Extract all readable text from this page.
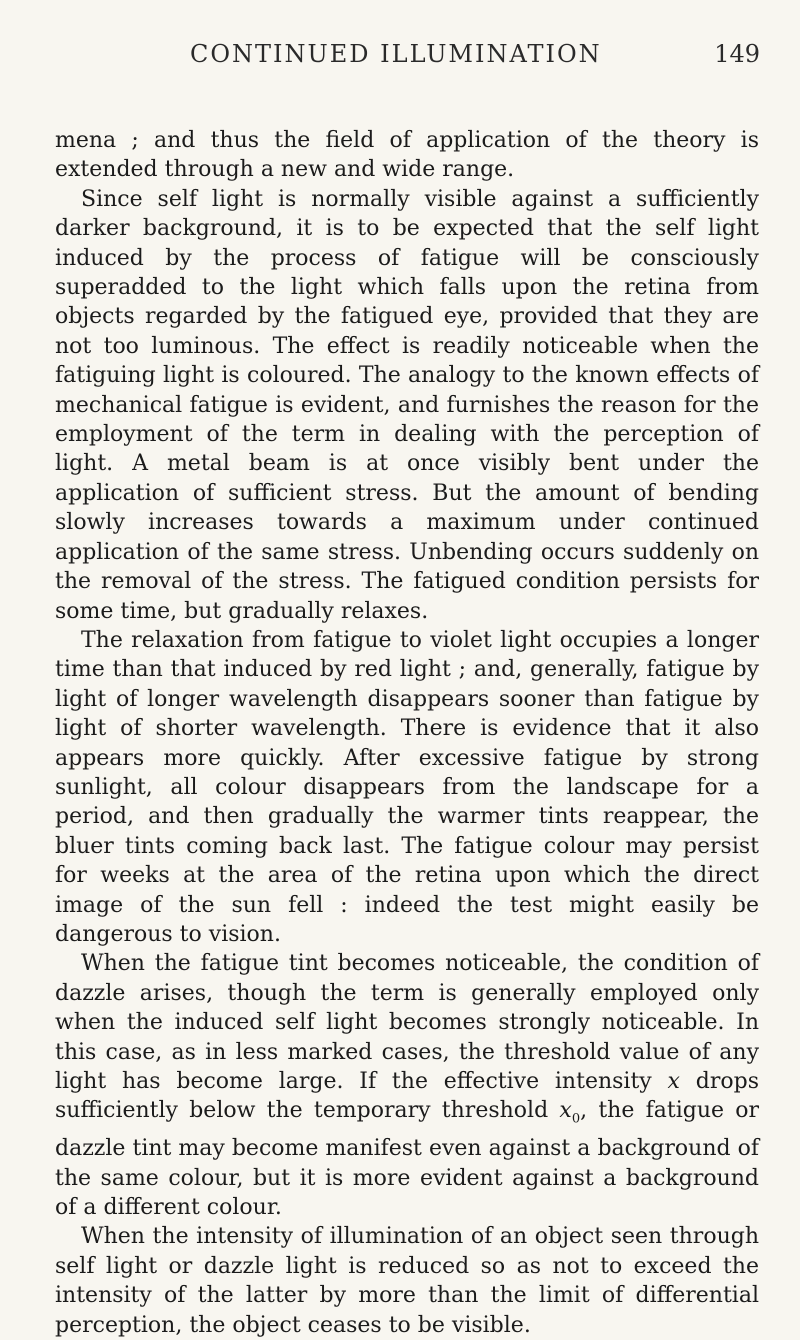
CONTINUED ILLUMINATION	149

mena ; and thus the field of application of the theory is extended through a new and wide range.

Since self light is normally visible against a sufficiently darker background, it is to be expected that the self light induced by the process of fatigue will be consciously superadded to the light which falls upon the retina from objects regarded by the fatigued eye, provided that they are not too luminous. The effect is readily noticeable when the fatiguing light is coloured. The analogy to the known effects of mechanical fatigue is evident, and furnishes the reason for the employment of the term in dealing with the perception of light. A metal beam is at once visibly bent under the application of sufficient stress. But the amount of bending slowly increases towards a maximum under continued application of the same stress. Unbending occurs suddenly on the removal of the stress. The fatigued condition persists for some time, but gradually relaxes.

The relaxation from fatigue to violet light occupies a longer time than that induced by red light ; and, generally, fatigue by light of longer wavelength disappears sooner than fatigue by light of shorter wavelength. There is evidence that it also appears more quickly. After excessive fatigue by strong sunlight, all colour disappears from the landscape for a period, and then gradually the warmer tints reappear, the bluer tints coming back last. The fatigue colour may persist for weeks at the area of the retina upon which the direct image of the sun fell : indeed the test might easily be dangerous to vision.

When the fatigue tint becomes noticeable, the condition of dazzle arises, though the term is generally employed only when the induced self light becomes strongly noticeable. In this case, as in less marked cases, the threshold value of any light has become large. If the effective intensity x drops sufficiently below the temporary threshold $x_0$, the fatigue or dazzle tint may become manifest even against a background of the same colour, but it is more evident against a background of a different colour.

When the intensity of illumination of an object seen through self light or dazzle light is reduced so as not to exceed the intensity of the latter by more than the limit of differential perception, the object ceases to be visible.
